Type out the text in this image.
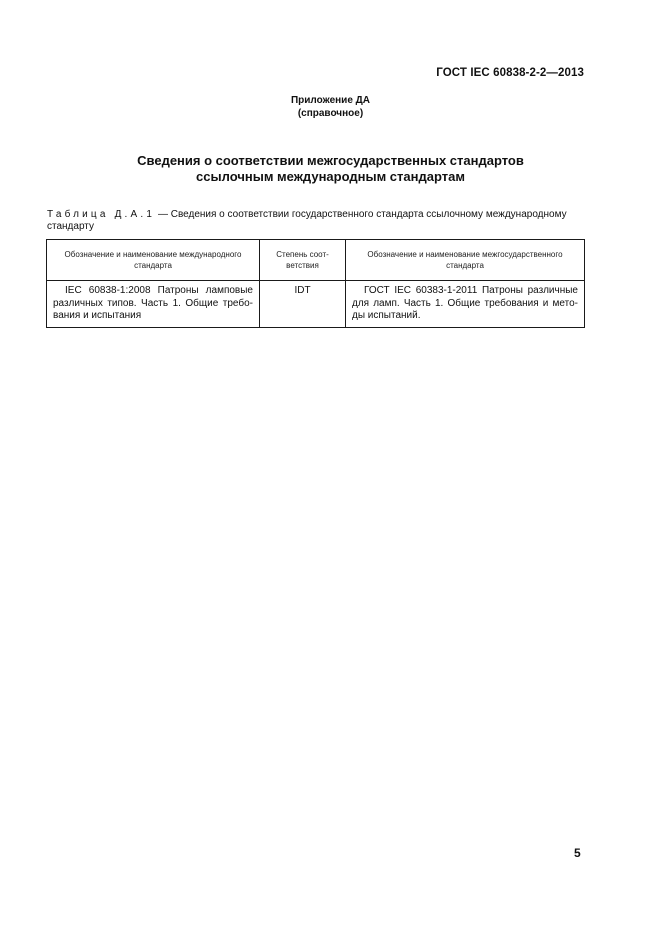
ГОСТ IEC 60838-2-2—2013
Приложение ДА
(справочное)
Сведения о соответствии межгосударственных стандартов
ссылочным международным стандартам
Таблица Д.А.1 — Сведения о соответствии государственного стандарта ссылочному международному стандарту
Обозначение и наименование международного стандарта	Степень соот-ветствия	Обозначение и наименование межгосударственного стандарта
IEC 60838-1:2008 Патроны ламповые различных типов. Часть 1. Общие требо-вания и испытания	IDT	ГОСТ IEC 60383-1-2011 Патроны различные для ламп. Часть 1. Общие требования и мето-ды испытаний.
5
